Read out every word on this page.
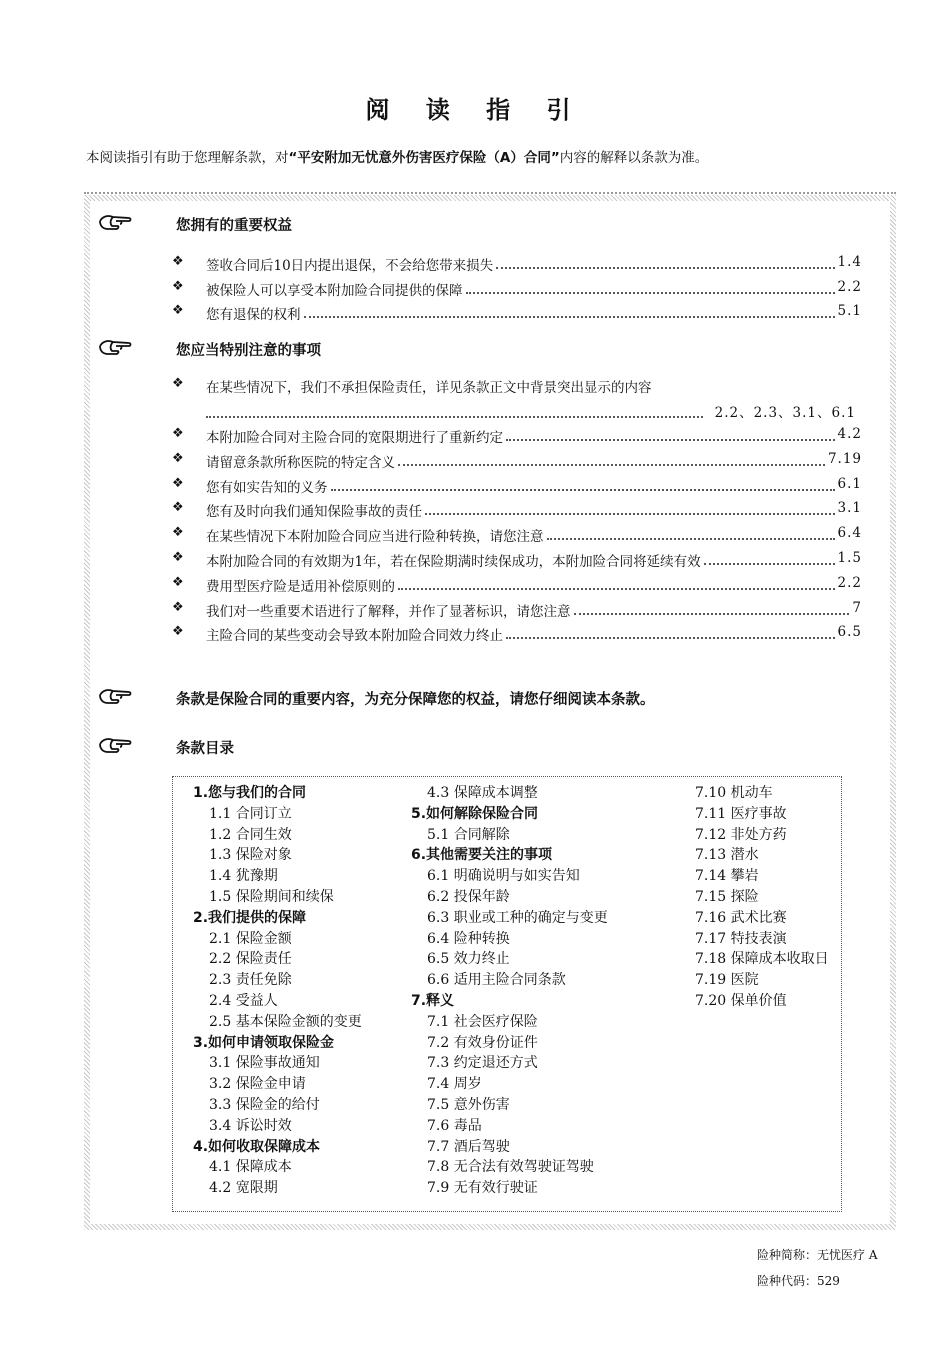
阅 读 指 引
本阅读指引有助于您理解条款，对“平安附加无忧意外伤害医疗保险（A）合同”内容的解释以条款为准。
您拥有的重要权益
❖ 签收合同后10日内提出退保，不会给您带来损失	1.4
❖ 被保险人可以享受本附加险合同提供的保障	2.2
❖ 您有退保的权利	5.1
您应当特别注意的事项
❖ 在某些情况下，我们不承担保险责任，详见条款正文中背景突出显示的内容
2.2、2.3、3.1、6.1
❖ 本附加险合同对主险合同的宽限期进行了重新约定	4.2
❖ 请留意条款所称医院的特定含义	7.19
❖ 您有如实告知的义务	6.1
❖ 您有及时向我们通知保险事故的责任	3.1
❖ 在某些情况下本附加险合同应当进行险种转换，请您注意	6.4
❖ 本附加险合同的有效期为1年，若在保险期满时续保成功，本附加险合同将延续有效	1.5
❖ 费用型医疗险是适用补偿原则的	2.2
❖ 我们对一些重要术语进行了解释，并作了显著标识，请您注意	7
❖ 主险合同的某些变动会导致本附加险合同效力终止	6.5
条款是保险合同的重要内容，为充分保障您的权益，请您仔细阅读本条款。
条款目录
1.您与我们的合同
1.1 合同订立
1.2 合同生效
1.3 保险对象
1.4 犹豫期
1.5 保险期间和续保
2.我们提供的保障
2.1 保险金额
2.2 保险责任
2.3 责任免除
2.4 受益人
2.5 基本保险金额的变更
3.如何申请领取保险金
3.1 保险事故通知
3.2 保险金申请
3.3 保险金的给付
3.4 诉讼时效
4.如何收取保障成本
4.1 保障成本
4.2 宽限期
4.3 保障成本调整
5.如何解除保险合同
5.1 合同解除
6.其他需要关注的事项
6.1 明确说明与如实告知
6.2 投保年龄
6.3 职业或工种的确定与变更
6.4 险种转换
6.5 效力终止
6.6 适用主险合同条款
7.释义
7.1 社会医疗保险
7.2 有效身份证件
7.3 约定退还方式
7.4 周岁
7.5 意外伤害
7.6 毒品
7.7 酒后驾驶
7.8 无合法有效驾驶证驾驶
7.9 无有效行驶证
7.10 机动车
7.11 医疗事故
7.12 非处方药
7.13 潜水
7.14 攀岩
7.15 探险
7.16 武术比赛
7.17 特技表演
7.18 保障成本收取日
7.19 医院
7.20 保单价值
险种简称：无忧医疗 A
险种代码：529
